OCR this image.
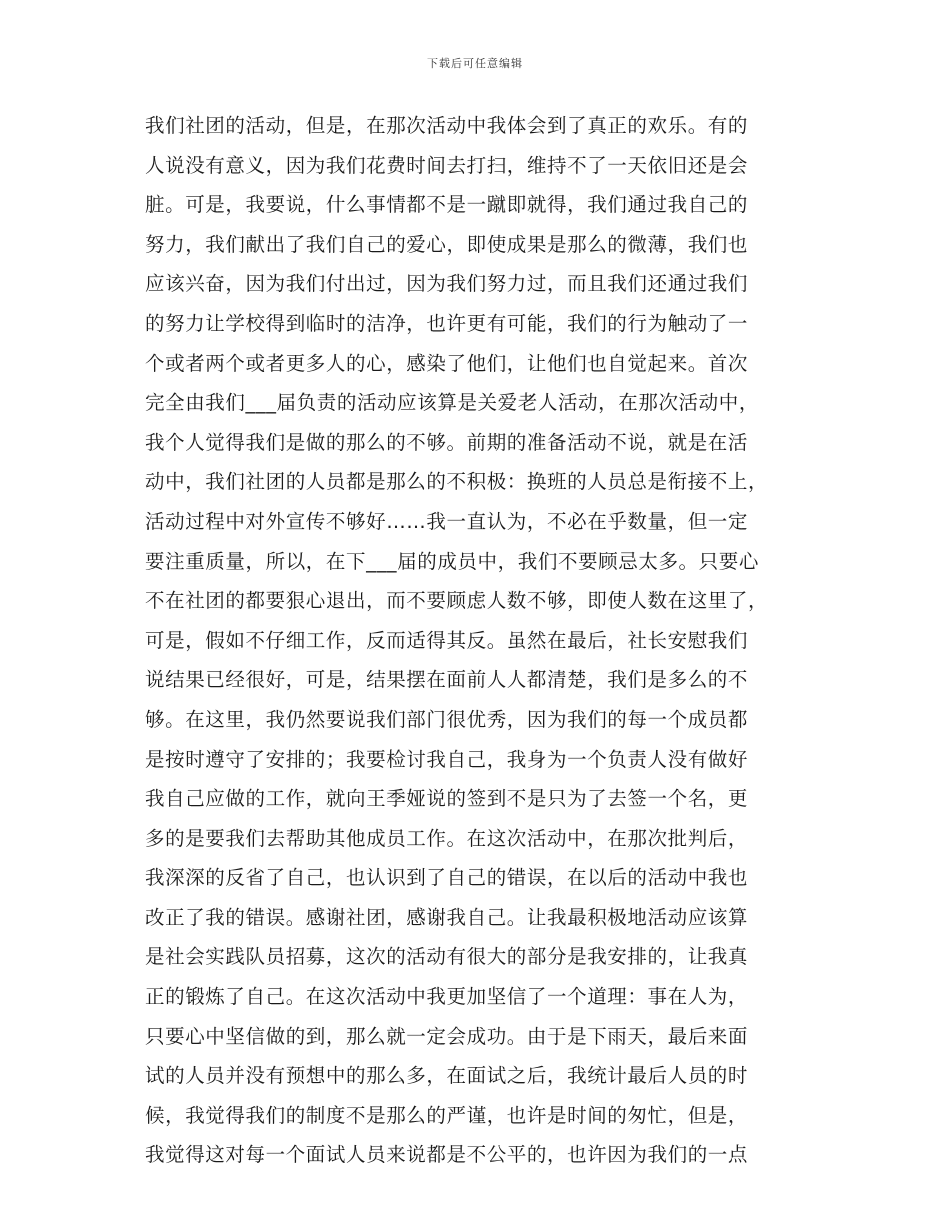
下载后可任意编辑
我们社团的活动，但是，在那次活动中我体会到了真正的欢乐。有的
人说没有意义，因为我们花费时间去打扫，维持不了一天依旧还是会
脏。可是，我要说，什么事情都不是一蹴即就得，我们通过我自己的
努力，我们献出了我们自己的爱心，即使成果是那么的微薄，我们也
应该兴奋，因为我们付出过，因为我们努力过，而且我们还通过我们
的努力让学校得到临时的洁净，也许更有可能，我们的行为触动了一
个或者两个或者更多人的心，感染了他们，让他们也自觉起来。首次
完全由我们___届负责的活动应该算是关爱老人活动，在那次活动中，
我个人觉得我们是做的那么的不够。前期的准备活动不说，就是在活
动中，我们社团的人员都是那么的不积极：换班的人员总是衔接不上，
活动过程中对外宣传不够好……我一直认为，不必在乎数量，但一定
要注重质量，所以，在下___届的成员中，我们不要顾忌太多。只要心
不在社团的都要狠心退出，而不要顾虑人数不够，即使人数在这里了，
可是，假如不仔细工作，反而适得其反。虽然在最后，社长安慰我们
说结果已经很好，可是，结果摆在面前人人都清楚，我们是多么的不
够。在这里，我仍然要说我们部门很优秀，因为我们的每一个成员都
是按时遵守了安排的；我要检讨我自己，我身为一个负责人没有做好
我自己应做的工作，就向王季娅说的签到不是只为了去签一个名，更
多的是要我们去帮助其他成员工作。在这次活动中，在那次批判后，
我深深的反省了自己，也认识到了自己的错误，在以后的活动中我也
改正了我的错误。感谢社团，感谢我自己。让我最积极地活动应该算
是社会实践队员招募，这次的活动有很大的部分是我安排的，让我真
正的锻炼了自己。在这次活动中我更加坚信了一个道理：事在人为，
只要心中坚信做的到，那么就一定会成功。由于是下雨天，最后来面
试的人员并没有预想中的那么多，在面试之后，我统计最后人员的时
候，我觉得我们的制度不是那么的严谨，也许是时间的匆忙，但是，
我觉得这对每一个面试人员来说都是不公平的，也许因为我们的一点
